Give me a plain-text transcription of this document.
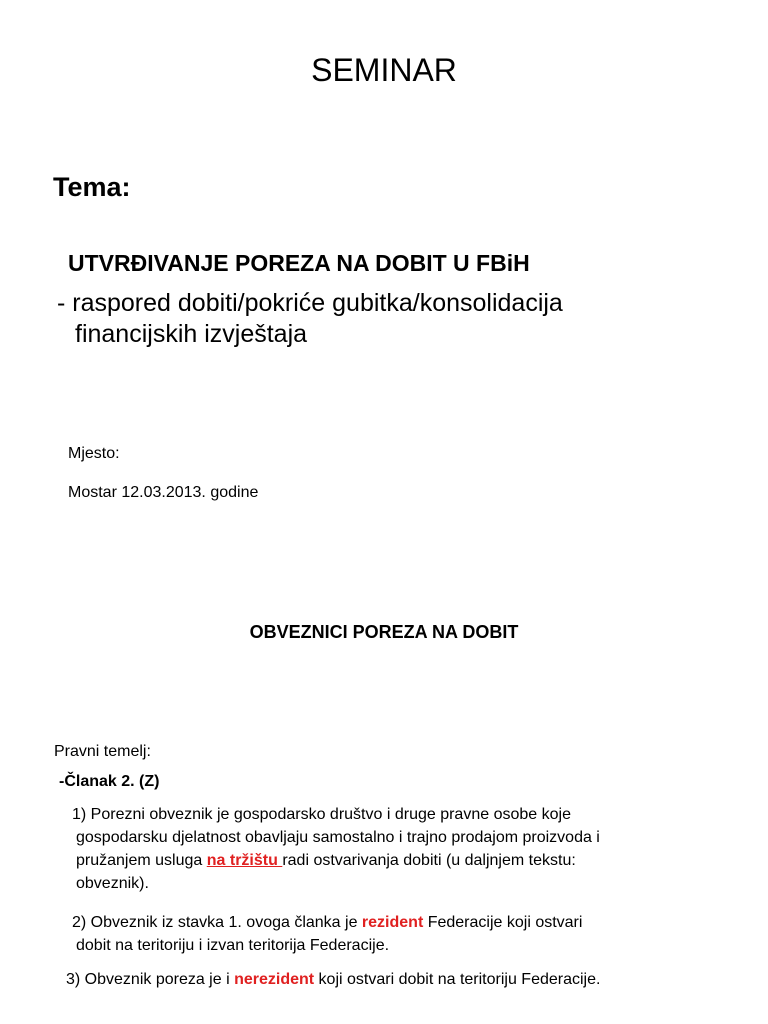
SEMINAR
Tema:
UTVRĐIVANJE POREZA NA DOBIT U FBiH
- raspored dobiti/pokriće gubitka/konsolidacija
financijskih izvještaja
Mjesto:
Mostar 12.03.2013. godine
OBVEZNICI POREZA NA DOBIT
Pravni temelj:
-Članak 2. (Z)
1) Porezni obveznik je gospodarsko društvo i druge pravne osobe koje
gospodarsku djelatnost obavljaju samostalno i trajno prodajom proizvoda i
pružanjem usluga na tržištu radi ostvarivanja dobiti (u daljnjem tekstu:
obveznik).
2) Obveznik iz stavka 1. ovoga članka je rezident Federacije koji ostvari
dobit na teritoriju i izvan teritorija Federacije.
3) Obveznik poreza je i nerezident koji ostvari dobit na teritoriju Federacije.
